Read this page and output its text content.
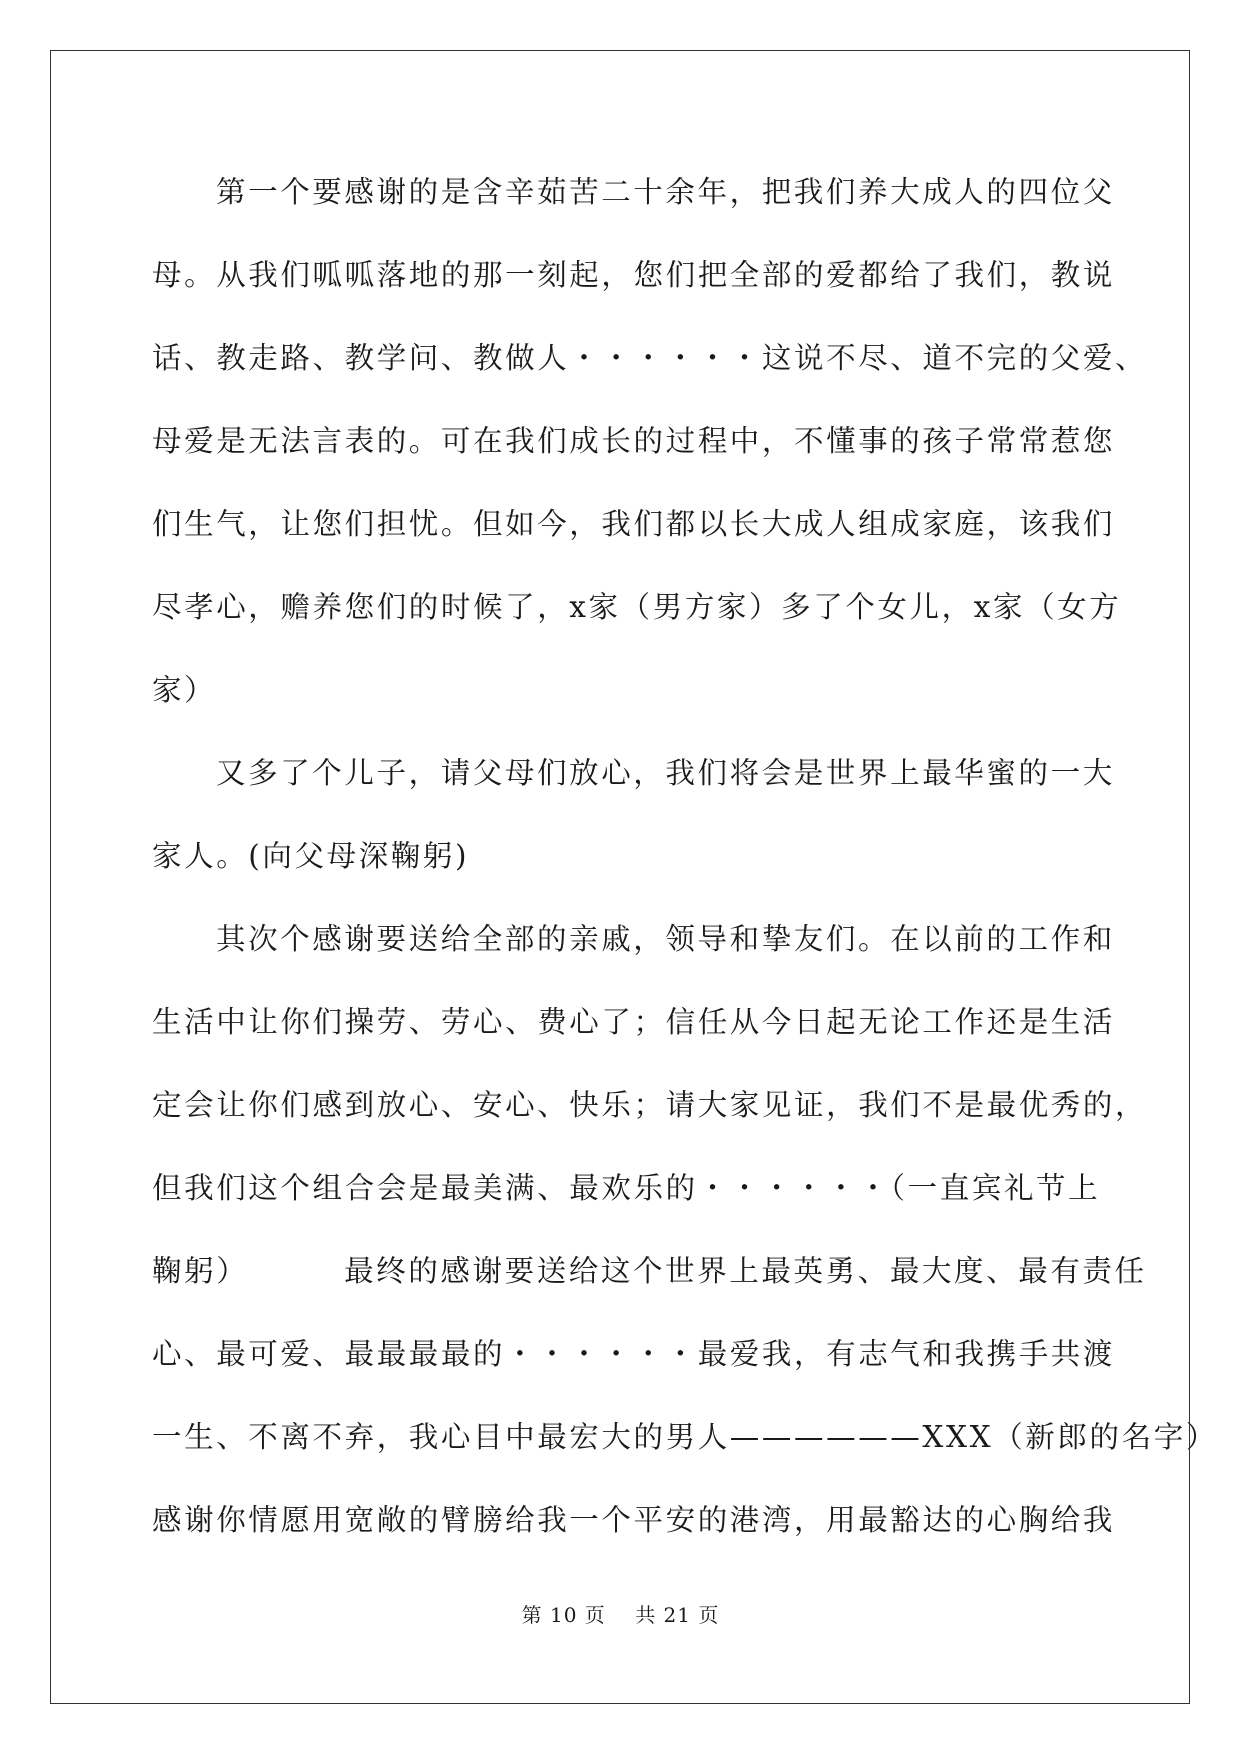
第一个要感谢的是含辛茹苦二十余年，把我们养大成人的四位父
母。从我们呱呱落地的那一刻起，您们把全部的爱都给了我们，教说
话、教走路、教学问、教做人・・・・・・这说不尽、道不完的父爱、
母爱是无法言表的。可在我们成长的过程中，不懂事的孩子常常惹您
们生气，让您们担忧。但如今，我们都以长大成人组成家庭，该我们
尽孝心，赡养您们的时候了，x家（男方家）多了个女儿，x家（女方
家）
又多了个儿子，请父母们放心，我们将会是世界上最华蜜的一大
家人。(向父母深鞠躬)
其次个感谢要送给全部的亲戚，领导和挚友们。在以前的工作和
生活中让你们操劳、劳心、费心了；信任从今日起无论工作还是生活
定会让你们感到放心、安心、快乐；请大家见证，我们不是最优秀的，
但我们这个组合会是最美满、最欢乐的・・・・・・（一直宾礼节上
鞠躬）        最终的感谢要送给这个世界上最英勇、最大度、最有责任
心、最可爱、最最最最的・・・・・・最爱我，有志气和我携手共渡
一生、不离不弃，我心目中最宏大的男人——————XXX（新郎的名字）
感谢你情愿用宽敞的臂膀给我一个平安的港湾，用最豁达的心胸给我
第 10 页    共 21 页
